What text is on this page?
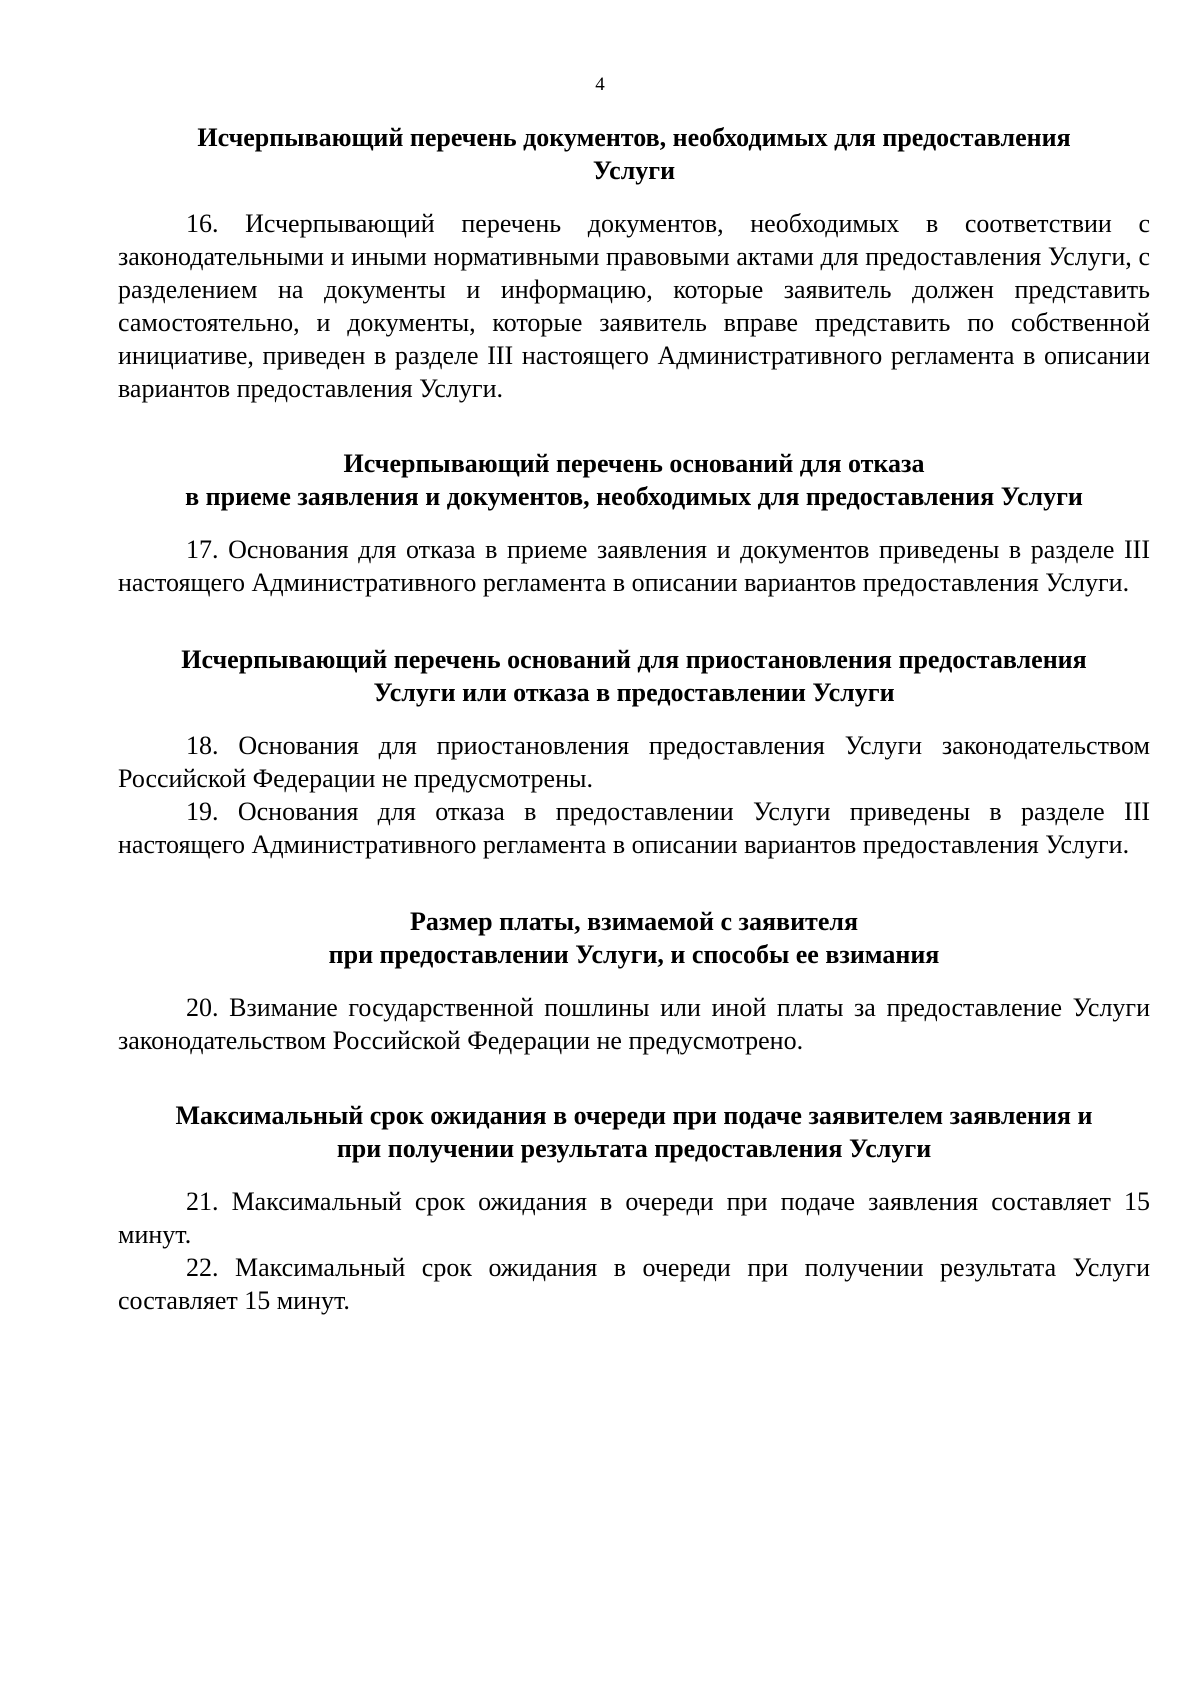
4
Исчерпывающий перечень документов, необходимых для предоставления
Услуги

16. Исчерпывающий перечень документов, необходимых в соответствии с законодательными и иными нормативными правовыми актами для предоставления Услуги, с разделением на документы и информацию, которые заявитель должен представить самостоятельно, и документы, которые заявитель вправе представить по собственной инициативе, приведен в разделе III настоящего Административного регламента в описании вариантов предоставления Услуги.

Исчерпывающий перечень оснований для отказа
в приеме заявления и документов, необходимых для предоставления Услуги

17. Основания для отказа в приеме заявления и документов приведены в разделе III настоящего Административного регламента в описании вариантов предоставления Услуги.

Исчерпывающий перечень оснований для приостановления предоставления
Услуги или отказа в предоставлении Услуги

18. Основания для приостановления предоставления Услуги законодательством Российской Федерации не предусмотрены.

19. Основания для отказа в предоставлении Услуги приведены в разделе III настоящего Административного регламента в описании вариантов предоставления Услуги.

Размер платы, взимаемой с заявителя
при предоставлении Услуги, и способы ее взимания

20. Взимание государственной пошлины или иной платы за предоставление Услуги законодательством Российской Федерации не предусмотрено.

Максимальный срок ожидания в очереди при подаче заявителем заявления и
при получении результата предоставления Услуги

21. Максимальный срок ожидания в очереди при подаче заявления составляет 15 минут.

22. Максимальный срок ожидания в очереди при получении результата Услуги составляет 15 минут.
